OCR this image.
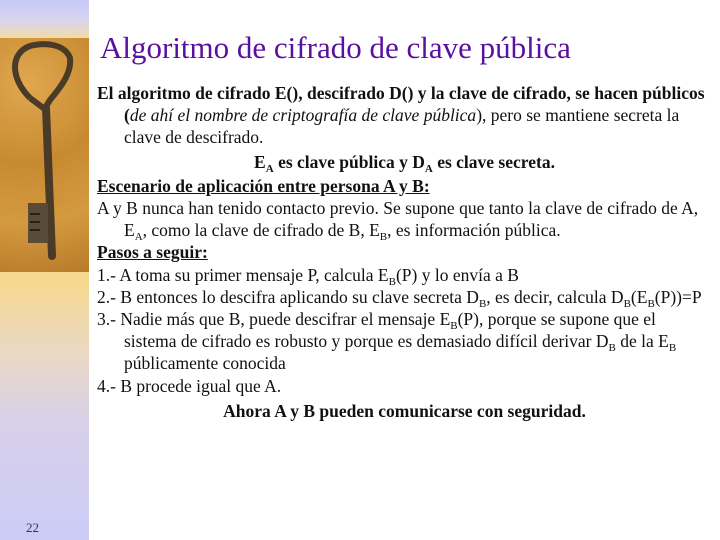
22
Algoritmo de cifrado de clave pública

El algoritmo de cifrado E(), descifrado D() y la clave de cifrado, se hacen públicos (de ahí el nombre de criptografía de clave pública), pero se mantiene secreta la clave de descifrado.

$E_A$ es clave pública y $D_A$ es clave secreta.

Escenario de aplicación entre persona A y B:

A y B nunca han tenido contacto previo. Se supone que tanto la clave de cifrado de A, $E_A$, como la clave de cifrado de B, $E_B$, es información pública.

Pasos a seguir:

1.- A toma su primer mensaje P, calcula $E_B(P)$ y lo envía a B

2.- B entonces lo descifra aplicando su clave secreta $D_B$, es decir, calcula $D_B(E_B(P))=P$

3.- Nadie más que B, puede descifrar el mensaje $E_B(P)$, porque se supone que el sistema de cifrado es robusto y porque es demasiado difícil derivar $D_B$ de la $E_B$ públicamente conocida

4.- B procede igual que A.

Ahora A y B pueden comunicarse con seguridad.
